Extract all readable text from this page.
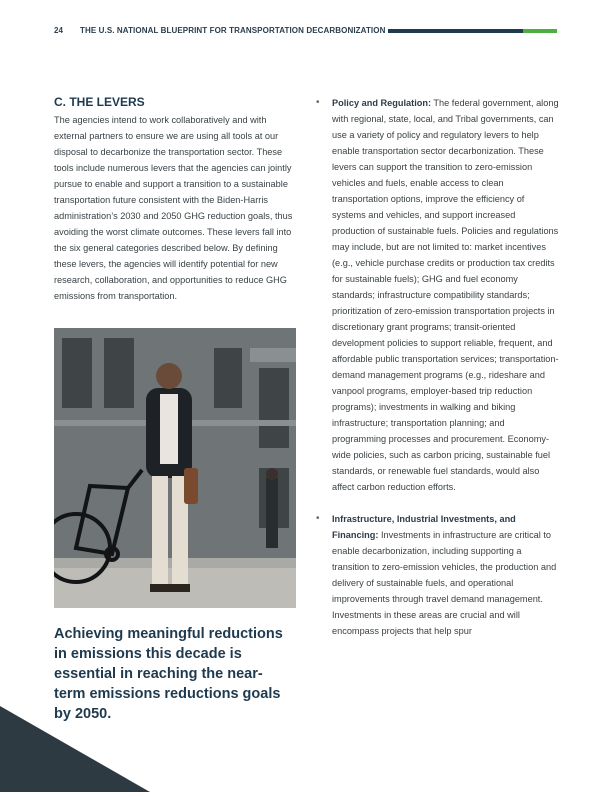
24 THE U.S. NATIONAL BLUEPRINT FOR TRANSPORTATION DECARBONIZATION
C. THE LEVERS

The agencies intend to work collaboratively and with external partners to ensure we are using all tools at our disposal to decarbonize the transportation sector. These tools include numerous levers that the agencies can jointly pursue to enable and support a transition to a sustainable transportation future consistent with the Biden-Harris administration’s 2030 and 2050 GHG reduction goals, thus avoiding the worst climate outcomes. These levers fall into the six general categories described below. By defining these levers, the agencies will identify potential for new research, collaboration, and opportunities to reduce GHG emissions from transportation.

Achieving meaningful reductions in emissions this decade is essential in reaching the near-term emissions reductions goals by 2050.

• Policy and Regulation: The federal government, along with regional, state, local, and Tribal governments, can use a variety of policy and regulatory levers to help enable transportation sector decarbonization. These levers can support the transition to zero-emission vehicles and fuels, enable access to clean transportation options, improve the efficiency of systems and vehicles, and support increased production of sustainable fuels. Policies and regulations may include, but are not limited to: market incentives (e.g., vehicle purchase credits or production tax credits for sustainable fuels); GHG and fuel economy standards; infrastructure compatibility standards; prioritization of zero-emission transportation projects in discretionary grant programs; transit-oriented development policies to support reliable, frequent, and affordable public transportation services; transportation-demand management programs (e.g., rideshare and vanpool programs, employer-based trip reduction programs); investments in walking and biking infrastructure; transportation planning; and programming processes and procurement. Economy-wide policies, such as carbon pricing, sustainable fuel standards, or renewable fuel standards, would also affect carbon reduction efforts.
• Infrastructure, Industrial Investments, and Financing: Investments in infrastructure are critical to enable decarbonization, including supporting a transition to zero-emission vehicles, the production and delivery of sustainable fuels, and operational improvements through travel demand management. Investments in these areas are crucial and will encompass projects that help spur
